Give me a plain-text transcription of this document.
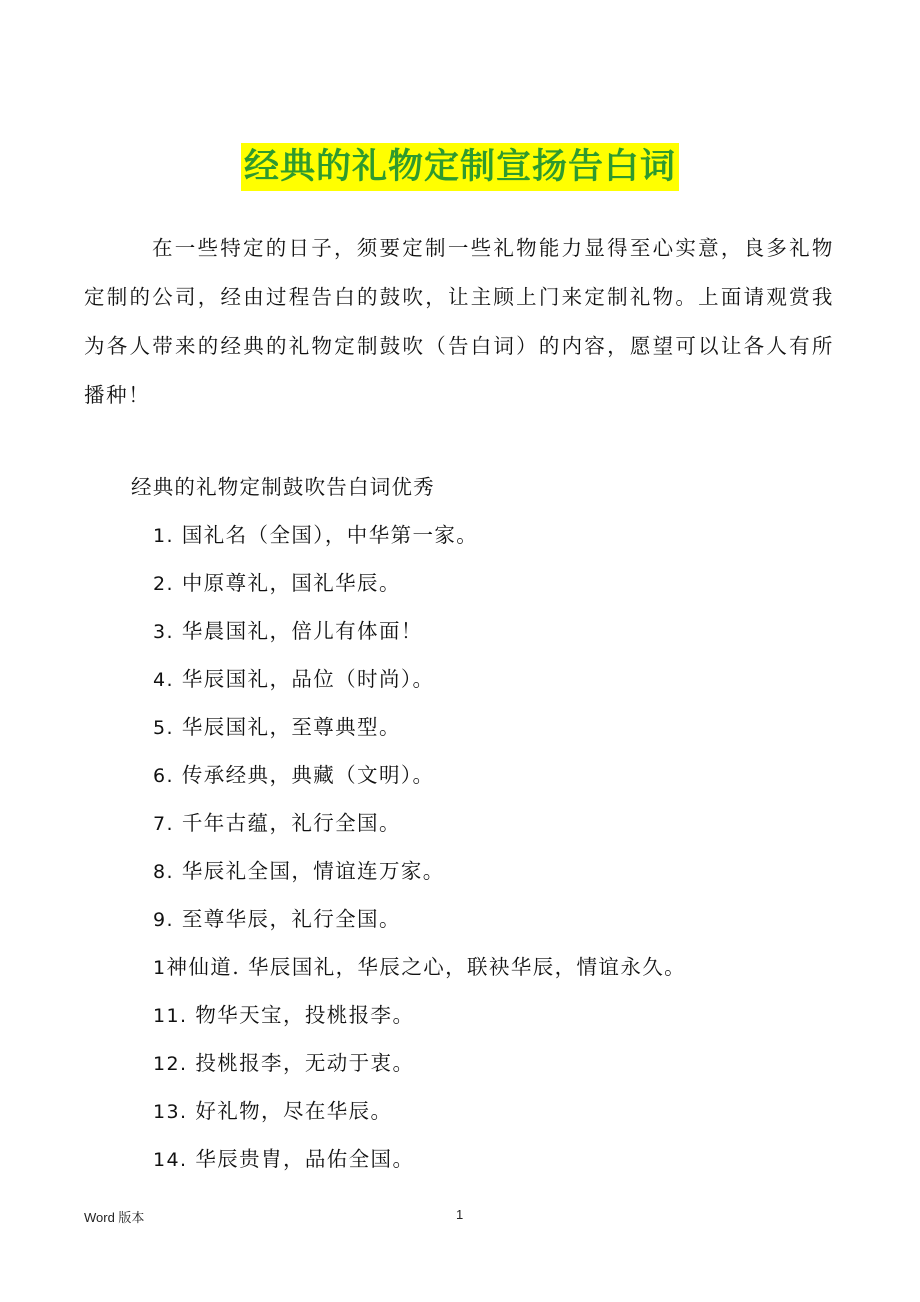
经典的礼物定制宣扬告白词

在一些特定的日子，须要定制一些礼物能力显得至心实意，良多礼物定制的公司，经由过程告白的鼓吹，让主顾上门来定制礼物。上面请观赏我为各人带来的经典的礼物定制鼓吹（告白词）的内容，愿望可以让各人有所播种！

经典的礼物定制鼓吹告白词优秀

1. 国礼名（全国），中华第一家。
2. 中原尊礼，国礼华辰。
3. 华晨国礼，倍儿有体面！
4. 华辰国礼，品位（时尚）。
5. 华辰国礼，至尊典型。
6. 传承经典，典藏（文明）。
7. 千年古蕴，礼行全国。
8. 华辰礼全国，情谊连万家。
9. 至尊华辰，礼行全国。
1神仙道. 华辰国礼，华辰之心，联袂华辰，情谊永久。
11. 物华天宝，投桃报李。
12. 投桃报李，无动于衷。
13. 好礼物，尽在华辰。
14. 华辰贵胄，品佑全国。
Word 版本	1
